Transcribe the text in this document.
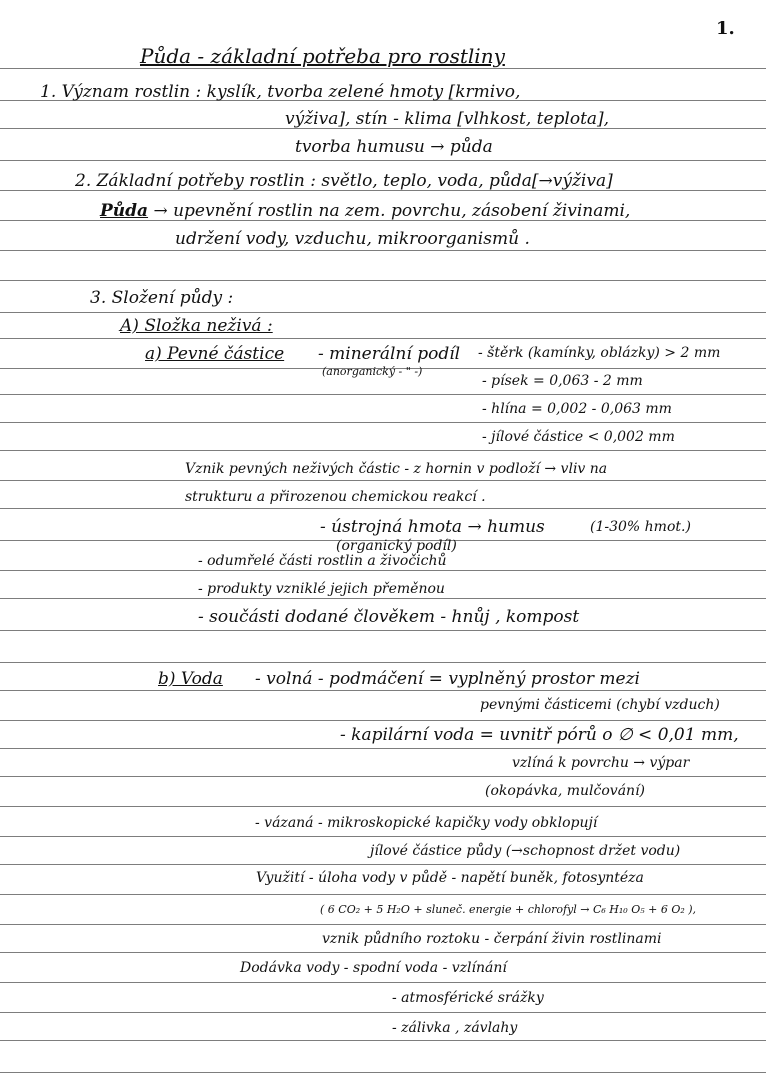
1.
Půda - základní potřeba pro rostliny
1. Význam rostlin : kyslík, tvorba zelené hmoty [krmivo,
výživa], stín - klima [vlhkost, teplota],
tvorba humusu → půda
2. Základní potřeby rostlin : světlo, teplo, voda, půda[→výživa]
Půda → upevnění rostlin na zem. povrchu, zásobení živinami,
udržení vody, vzduchu, mikroorganismů .
3. Složení půdy :
A) Složka neživá :
a) Pevné částice - minerální podíl - štěrk (kamínky, oblázky) > 2 mm
(anorganický - " -)
- písek = 0,063 - 2 mm
- hlína = 0,002 - 0,063 mm
- jílové částice < 0,002 mm
Vznik pevných neživých částic - z hornin v podloží → vliv na
strukturu a přirozenou chemickou reakcí .
- ústrojná hmota → humus	(1-30% hmot.)
(organický podíl)
- odumřelé části rostlin a živočichů
- produkty vzniklé jejich přeměnou
- součásti dodané člověkem - hnůj , kompost
b) Voda - volná - podmáčení = vyplněný prostor mezi
pevnými částicemi (chybí vzduch)
- kapilární voda = uvnitř pórů o ∅ < 0,01 mm,
vzlíná k povrchu → výpar
(okopávka, mulčování)
- vázaná - mikroskopické kapičky vody obklopují
jílové částice půdy (→schopnost držet vodu)
Využití - úloha vody v půdě - napětí buněk, fotosyntéza
( 6 CO₂ + 5 H₂O + sluneč. energie + chlorofyl → C₆ H₁₀ O₅ + 6 O₂ ),
vznik půdního roztoku - čerpání živin rostlinami
Dodávka vody - spodní voda - vzlínání
- atmosférické srážky
- zálivka , závlahy
